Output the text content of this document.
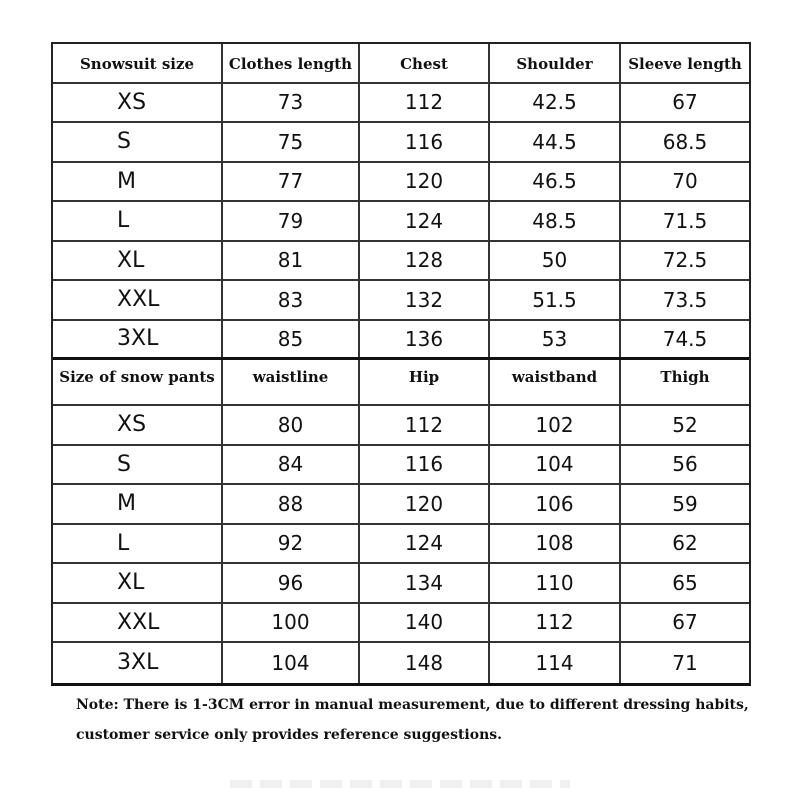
Snowsuit size	Clothes length	Chest	Shoulder	Sleeve length
XS	73	112	42.5	67
S	75	116	44.5	68.5
M	77	120	46.5	70
L	79	124	48.5	71.5
XL	81	128	50	72.5
XXL	83	132	51.5	73.5
3XL	85	136	53	74.5
Size of snow pants	waistline	Hip	waistband	Thigh
XS	80	112	102	52
S	84	116	104	56
M	88	120	106	59
L	92	124	108	62
XL	96	134	110	65
XXL	100	140	112	67
3XL	104	148	114	71
Note: There is 1-3CM error in manual measurement, due to different dressing habits,
customer service only provides reference suggestions.
